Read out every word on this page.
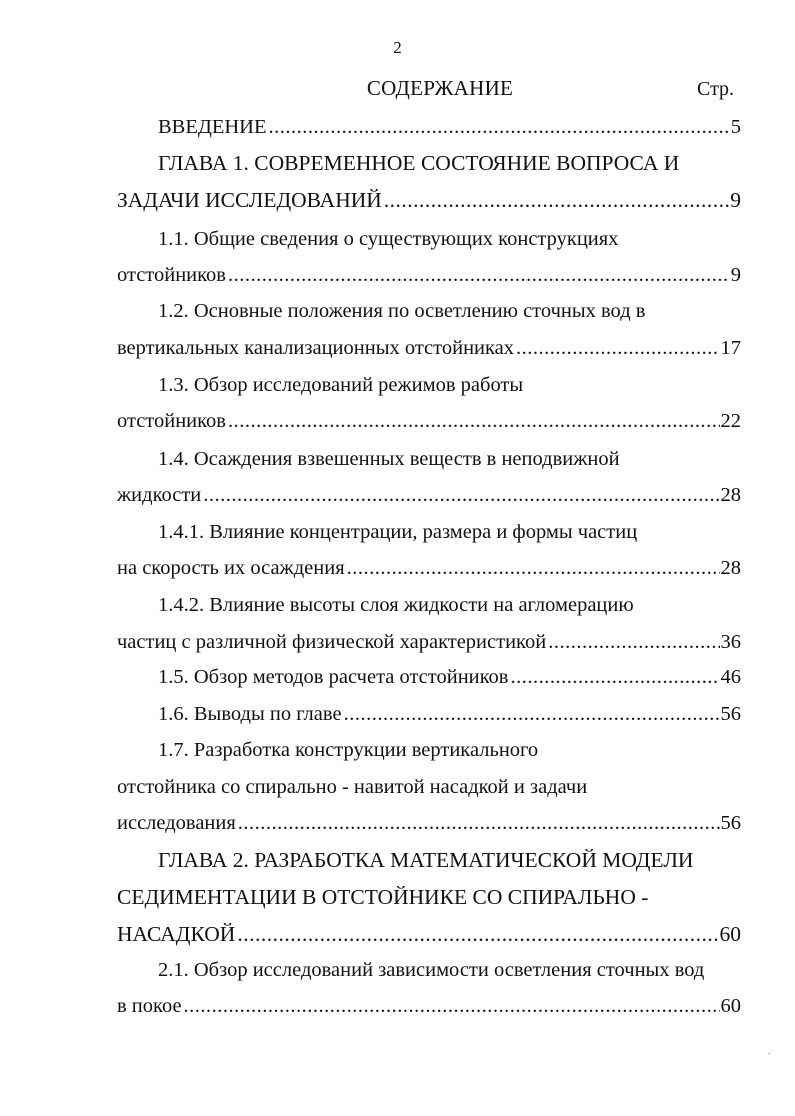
2
СОДЕРЖАНИЕ	Стр.
ВВЕДЕНИЕ .....	5
ГЛАВА 1. СОВРЕМЕННОЕ СОСТОЯНИЕ ВОПРОСА И
ЗАДАЧИ ИССЛЕДОВАНИЙ .....	9
1.1. Общие сведения о существующих конструкциях
отстойников .....	9
1.2. Основные положения по осветлению сточных вод в
вертикальных канализационных отстойниках .....	17
1.3. Обзор исследований режимов работы
отстойников .....	22
1.4. Осаждения взвешенных веществ в неподвижной
жидкости .....	28
1.4.1. Влияние концентрации, размера и формы частиц
на скорость их осаждения .....	28
1.4.2. Влияние высоты слоя жидкости на агломерацию
частиц с различной физической характеристикой .....	36
1.5. Обзор методов расчета отстойников .....	46
1.6. Выводы по главе .....	56
1.7. Разработка конструкции вертикального
отстойника со спирально - навитой насадкой и задачи
исследования .....	56
ГЛАВА 2. РАЗРАБОТКА МАТЕМАТИЧЕСКОЙ МОДЕЛИ
СЕДИМЕНТАЦИИ В ОТСТОЙНИКЕ СО СПИРАЛЬНО -
НАСАДКОЙ .....	60
2.1. Обзор исследований зависимости осветления сточных вод
в покое .....	60
.
